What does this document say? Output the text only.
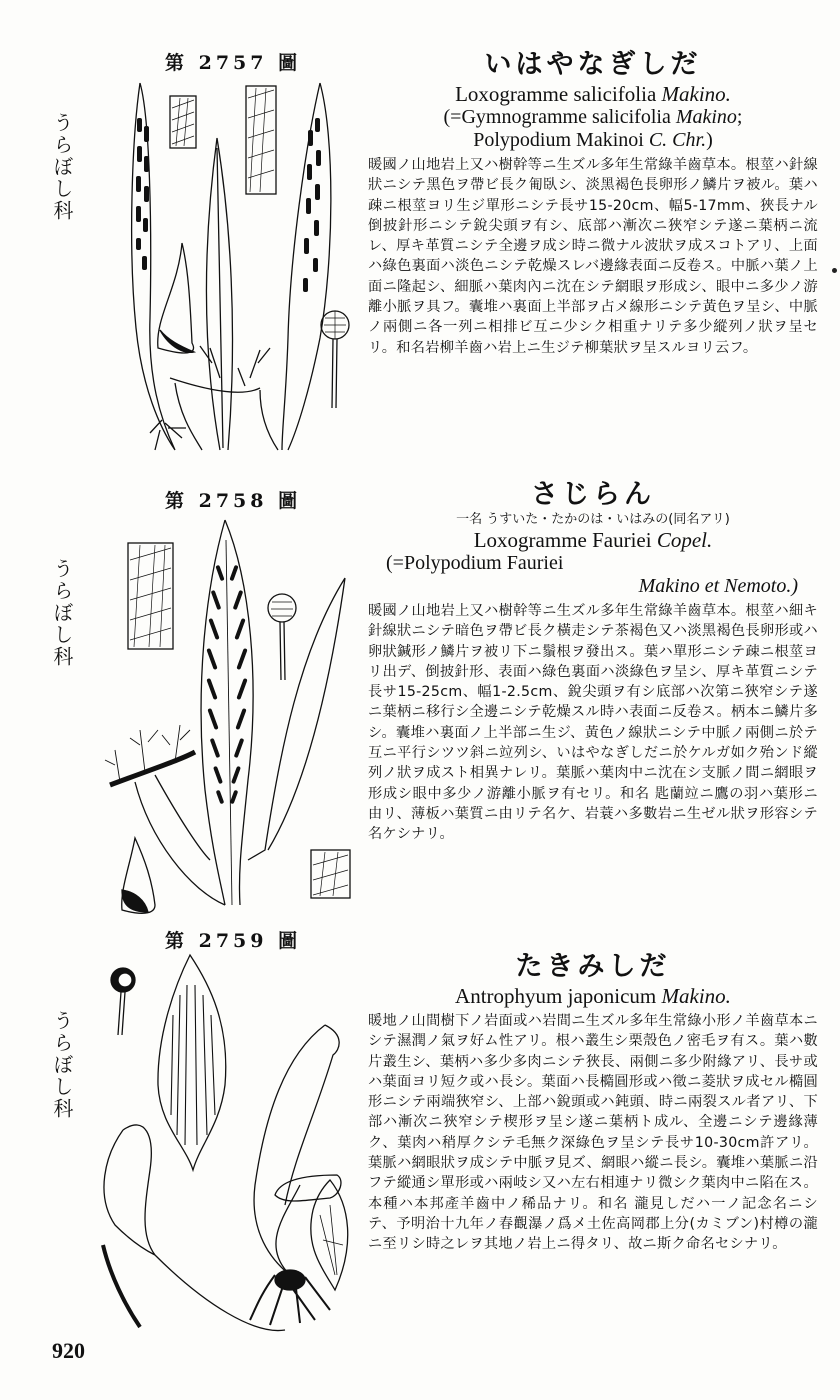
第 2757 圖
うらぼし科
いはやなぎしだ
Loxogramme salicifolia Makino.
(=Gymnogramme salicifolia Makino;
Polypodium Makinoi C. Chr.)
暖國ノ山地岩上又ハ樹幹等ニ生ズル多年生常綠羊齒草本。根莖ハ針線狀ニシテ黑色ヲ帶ビ長ク匍臥シ、淡黑褐色長卵形ノ鱗片ヲ被ル。葉ハ疎ニ根莖ヨリ生ジ單形ニシテ長サ15-20cm、幅5-17mm、狹長ナル倒披針形ニシテ銳尖頭ヲ有シ、底部ハ漸次ニ狹窄シテ遂ニ葉柄ニ流レ、厚キ革質ニシテ全邊ヲ成シ時ニ微ナル波狀ヲ成スコトアリ、上面ハ綠色裏面ハ淡色ニシテ乾燥スレバ邊緣表面ニ反卷ス。中脈ハ葉ノ上面ニ隆起シ、細脈ハ葉肉內ニ沈在シテ網眼ヲ形成シ、眼中ニ多少ノ游離小脈ヲ具フ。囊堆ハ裏面上半部ヲ占メ線形ニシテ黃色ヲ呈シ、中脈ノ兩側ニ各一列ニ相排ビ互ニ少シク相重ナリテ多少縱列ノ狀ヲ呈セリ。和名岩柳羊齒ハ岩上ニ生ジテ柳葉狀ヲ呈スルヨリ云フ。
第 2758 圖
うらぼし科
さじらん
一名 うすいた・たかのは・いはみの(同名アリ)
Loxogramme Fauriei Copel.
(=Polypodium Fauriei
Makino et Nemoto.)
暖國ノ山地岩上又ハ樹幹等ニ生ズル多年生常綠羊齒草本。根莖ハ細キ針線狀ニシテ暗色ヲ帶ビ長ク橫走シテ茶褐色又ハ淡黑褐色長卵形或ハ卵狀鍼形ノ鱗片ヲ被リ下ニ鬚根ヲ發出ス。葉ハ單形ニシテ疎ニ根莖ヨリ出デ、倒披針形、表面ハ綠色裏面ハ淡綠色ヲ呈シ、厚キ革質ニシテ長サ15-25cm、幅1-2.5cm、銳尖頭ヲ有シ底部ハ次第ニ狹窄シテ遂ニ葉柄ニ移行シ全邊ニシテ乾燥スル時ハ表面ニ反卷ス。柄本ニ鱗片多シ。囊堆ハ裏面ノ上半部ニ生ジ、黃色ノ線狀ニシテ中脈ノ兩側ニ於テ互ニ平行シツツ斜ニ竝列シ、いはやなぎしだニ於ケルガ如ク殆ンド縱列ノ狀ヲ成スト相異ナレリ。葉脈ハ葉肉中ニ沈在シ支脈ノ間ニ網眼ヲ形成シ眼中多少ノ游離小脈ヲ有セリ。和名 匙蘭竝ニ鷹の羽ハ葉形ニ由リ、薄板ハ葉質ニ由リテ名ケ、岩蓑ハ多數岩ニ生ゼル狀ヲ形容シテ名ケシナリ。
第 2759 圖
うらぼし科
たきみしだ
Antrophyum japonicum Makino.
暖地ノ山間樹下ノ岩面或ハ岩間ニ生ズル多年生常綠小形ノ羊齒草本ニシテ濕潤ノ氣ヲ好ム性アリ。根ハ叢生シ栗殼色ノ密毛ヲ有ス。葉ハ數片叢生シ、葉柄ハ多少多肉ニシテ狹長、兩側ニ多少附緣アリ、長サ或ハ葉面ヨリ短ク或ハ長シ。葉面ハ長橢圓形或ハ徵ニ菱狀ヲ成セル橢圓形ニシテ兩端狹窄シ、上部ハ銳頭或ハ鈍頭、時ニ兩裂スル者アリ、下部ハ漸次ニ狹窄シテ楔形ヲ呈シ遂ニ葉柄ト成ル、全邊ニシテ邊緣薄ク、葉肉ハ稍厚クシテ毛無ク深綠色ヲ呈シテ長サ10-30cm許アリ。葉脈ハ網眼狀ヲ成シテ中脈ヲ見ズ、網眼ハ縱ニ長シ。囊堆ハ葉脈ニ沿フテ縱通シ單形或ハ兩岐シ又ハ左右相連ナリ微シク葉肉中ニ陷在ス。本種ハ本邦產羊齒中ノ稀品ナリ。和名 瀧見しだハ一ノ記念名ニシテ、予明治十九年ノ春觀瀑ノ爲メ土佐高岡郡上分(カミブン)村樽の瀧ニ至リシ時之レヲ其地ノ岩上ニ得タリ、故ニ斯ク命名セシナリ。
920
